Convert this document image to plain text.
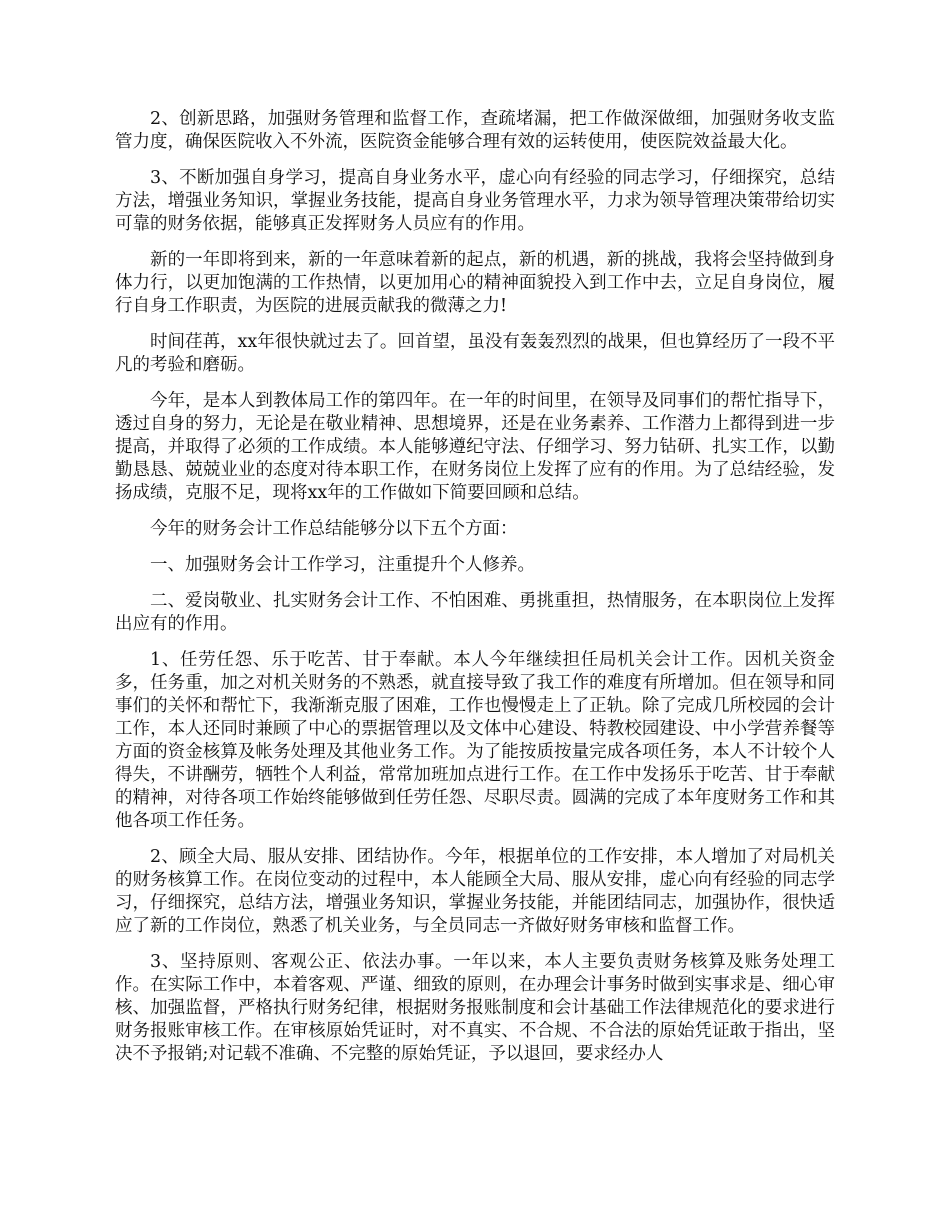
2、创新思路，加强财务管理和监督工作，查疏堵漏，把工作做深做细，加强财务收支监管力度，确保医院收入不外流，医院资金能够合理有效的运转使用，使医院效益最大化。

3、不断加强自身学习，提高自身业务水平，虚心向有经验的同志学习，仔细探究，总结方法，增强业务知识，掌握业务技能，提高自身业务管理水平，力求为领导管理决策带给切实可靠的财务依据，能够真正发挥财务人员应有的作用。

新的一年即将到来，新的一年意味着新的起点，新的机遇，新的挑战，我将会坚持做到身体力行，以更加饱满的工作热情，以更加用心的精神面貌投入到工作中去，立足自身岗位，履行自身工作职责，为医院的进展贡献我的微薄之力!

时间荏苒，xx年很快就过去了。回首望，虽没有轰轰烈烈的战果，但也算经历了一段不平凡的考验和磨砺。

今年，是本人到教体局工作的第四年。在一年的时间里，在领导及同事们的帮忙指导下，透过自身的努力，无论是在敬业精神、思想境界，还是在业务素养、工作潜力上都得到进一步提高，并取得了必须的工作成绩。本人能够遵纪守法、仔细学习、努力钻研、扎实工作，以勤勤恳恳、兢兢业业的态度对待本职工作，在财务岗位上发挥了应有的作用。为了总结经验，发扬成绩，克服不足，现将xx年的工作做如下简要回顾和总结。

今年的财务会计工作总结能够分以下五个方面：

一、加强财务会计工作学习，注重提升个人修养。

二、爱岗敬业、扎实财务会计工作、不怕困难、勇挑重担，热情服务，在本职岗位上发挥出应有的作用。

1、任劳任怨、乐于吃苦、甘于奉献。本人今年继续担任局机关会计工作。因机关资金多，任务重，加之对机关财务的不熟悉，就直接导致了我工作的难度有所增加。但在领导和同事们的关怀和帮忙下，我渐渐克服了困难，工作也慢慢走上了正轨。除了完成几所校园的会计工作，本人还同时兼顾了中心的票据管理以及文体中心建设、特教校园建设、中小学营养餐等方面的资金核算及帐务处理及其他业务工作。为了能按质按量完成各项任务，本人不计较个人得失，不讲酬劳，牺牲个人利益，常常加班加点进行工作。在工作中发扬乐于吃苦、甘于奉献的精神，对待各项工作始终能够做到任劳任怨、尽职尽责。圆满的完成了本年度财务工作和其他各项工作任务。

2、顾全大局、服从安排、团结协作。今年，根据单位的工作安排，本人增加了对局机关的财务核算工作。在岗位变动的过程中，本人能顾全大局、服从安排，虚心向有经验的同志学习，仔细探究，总结方法，增强业务知识，掌握业务技能，并能团结同志，加强协作，很快适应了新的工作岗位，熟悉了机关业务，与全员同志一齐做好财务审核和监督工作。

3、坚持原则、客观公正、依法办事。一年以来，本人主要负责财务核算及账务处理工作。在实际工作中，本着客观、严谨、细致的原则，在办理会计事务时做到实事求是、细心审核、加强监督，严格执行财务纪律，根据财务报账制度和会计基础工作法律规范化的要求进行财务报账审核工作。在审核原始凭证时，对不真实、不合规、不合法的原始凭证敢于指出，坚决不予报销;对记载不准确、不完整的原始凭证，予以退回，要求经办人
